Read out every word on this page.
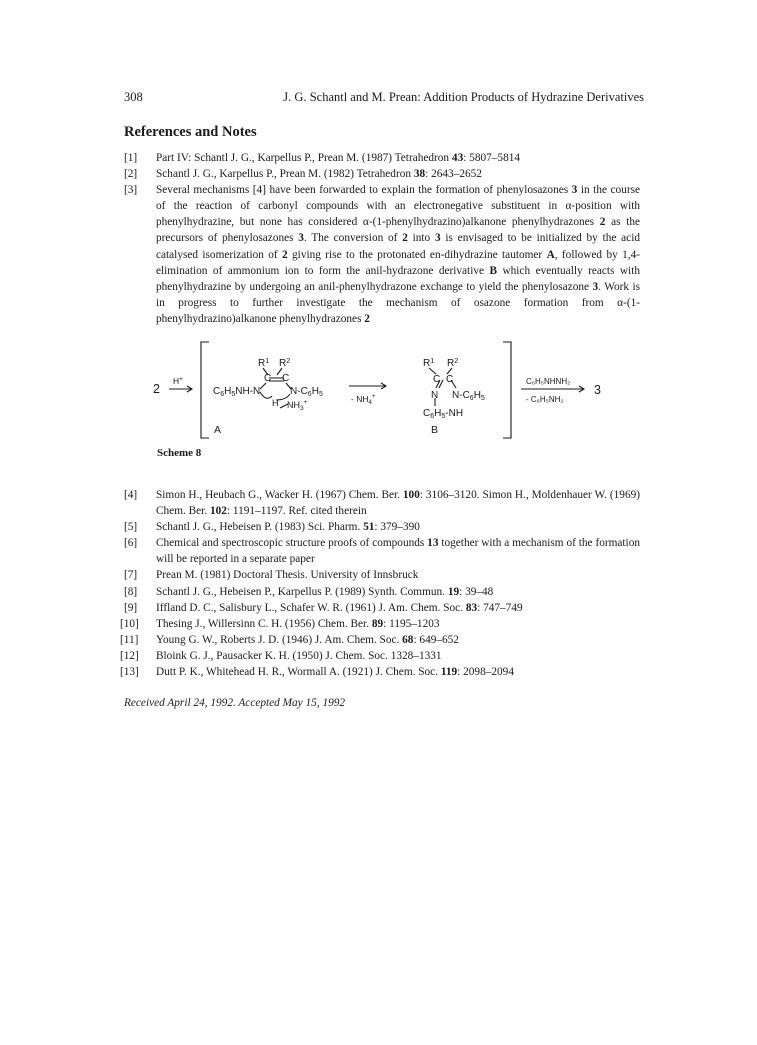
308	J. G. Schantl and M. Prean: Addition Products of Hydrazine Derivatives
References and Notes
[1] Part IV: Schantl J. G., Karpellus P., Prean M. (1987) Tetrahedron 43: 5807–5814
[2] Schantl J. G., Karpellus P., Prean M. (1982) Tetrahedron 38: 2643–2652
[3] Several mechanisms [4] have been forwarded to explain the formation of phenylosazones 3 in the course of the reaction of carbonyl compounds with an electronegative substituent in α-position with phenylhydrazine, but none has considered α-(1-phenylhydrazino)alkanone phenylhydrazones 2 as the precursors of phenylosazones 3. The conversion of 2 into 3 is envisaged to be initialized by the acid catalysed isomerization of 2 giving rise to the protonated en-dihydrazine tautomer A, followed by 1,4-elimination of ammonium ion to form the anil-hydrazone derivative B which eventually reacts with phenylhydrazine by undergoing an anil-phenylhydrazone exchange to yield the phenylosazone 3. Work is in progress to further investigate the mechanism of osazone formation from α-(1-phenylhydrazino)alkanone phenylhydrazones 2
2
H+
$R^1$ $R^2$
$C_6H_5NH-N$	$N-C_6H_5$
H $NH_3^+$	- $NH_4^+$
A
$R^1$ $R^2$
C C
N $N-C_6H_5$
$C_6H_5-NH$
B
C C	C₆H₅NHNH₂
- C₆H₅NH₂
3
Scheme 8
[4] Simon H., Heubach G., Wacker H. (1967) Chem. Ber. 100: 3106–3120. Simon H., Moldenhauer W. (1969) Chem. Ber. 102: 1191–1197. Ref. cited therein
[5] Schantl J. G., Hebeisen P. (1983) Sci. Pharm. 51: 379–390
[6] Chemical and spectroscopic structure proofs of compounds 13 together with a mechanism of the formation will be reported in a separate paper
[7] Prean M. (1981) Doctoral Thesis. University of Innsbruck
[8] Schantl J. G., Hebeisen P., Karpellus P. (1989) Synth. Commun. 19: 39–48
[9] Iffland D. C., Salisbury L., Schafer W. R. (1961) J. Am. Chem. Soc. 83: 747–749
[10] Thesing J., Willersinn C. H. (1956) Chem. Ber. 89: 1195–1203
[11] Young G. W., Roberts J. D. (1946) J. Am. Chem. Soc. 68: 649–652
[12] Bloink G. J., Pausacker K. H. (1950) J. Chem. Soc. 1328–1331
[13] Dutt P. K., Whitehead H. R., Wormall A. (1921) J. Chem. Soc. 119: 2098–2094
Received April 24, 1992. Accepted May 15, 1992
